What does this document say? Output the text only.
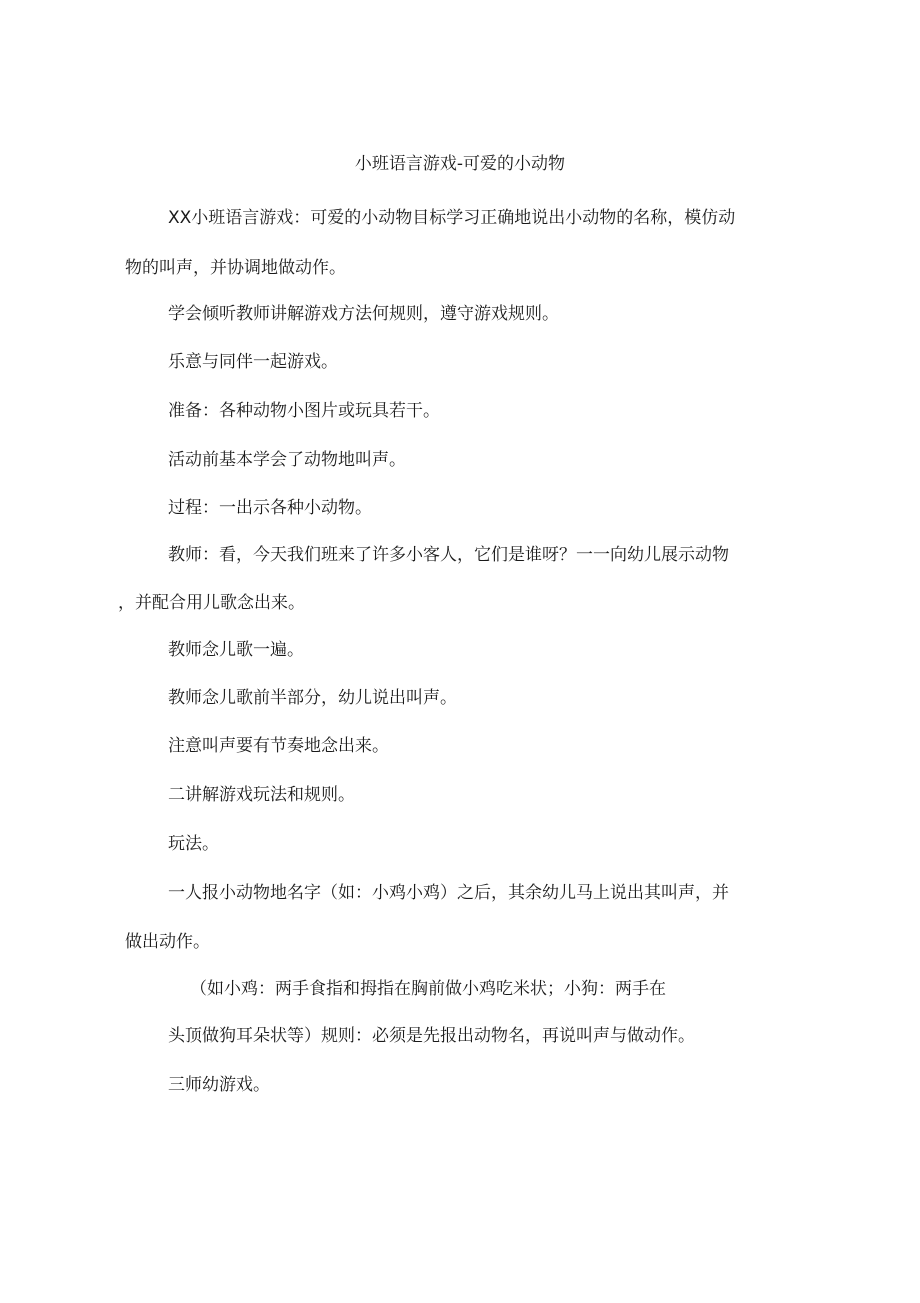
小班语言游戏-可爱的小动物
XX小班语言游戏：可爱的小动物目标学习正确地说出小动物的名称，模仿动
物的叫声，并协调地做动作。
学会倾听教师讲解游戏方法何规则，遵守游戏规则。
乐意与同伴一起游戏。
准备：各种动物小图片或玩具若干。
活动前基本学会了动物地叫声。
过程：一出示各种小动物。
教师：看，今天我们班来了许多小客人，它们是谁呀？一一向幼儿展示动物
，并配合用儿歌念出来。
教师念儿歌一遍。
教师念儿歌前半部分，幼儿说出叫声。
注意叫声要有节奏地念出来。
二讲解游戏玩法和规则。
玩法。
一人报小动物地名字（如：小鸡小鸡）之后，其余幼儿马上说出其叫声，并
做出动作。
（如小鸡：两手食指和拇指在胸前做小鸡吃米状；小狗：两手在
头顶做狗耳朵状等）规则：必须是先报出动物名，再说叫声与做动作。
三师幼游戏。
